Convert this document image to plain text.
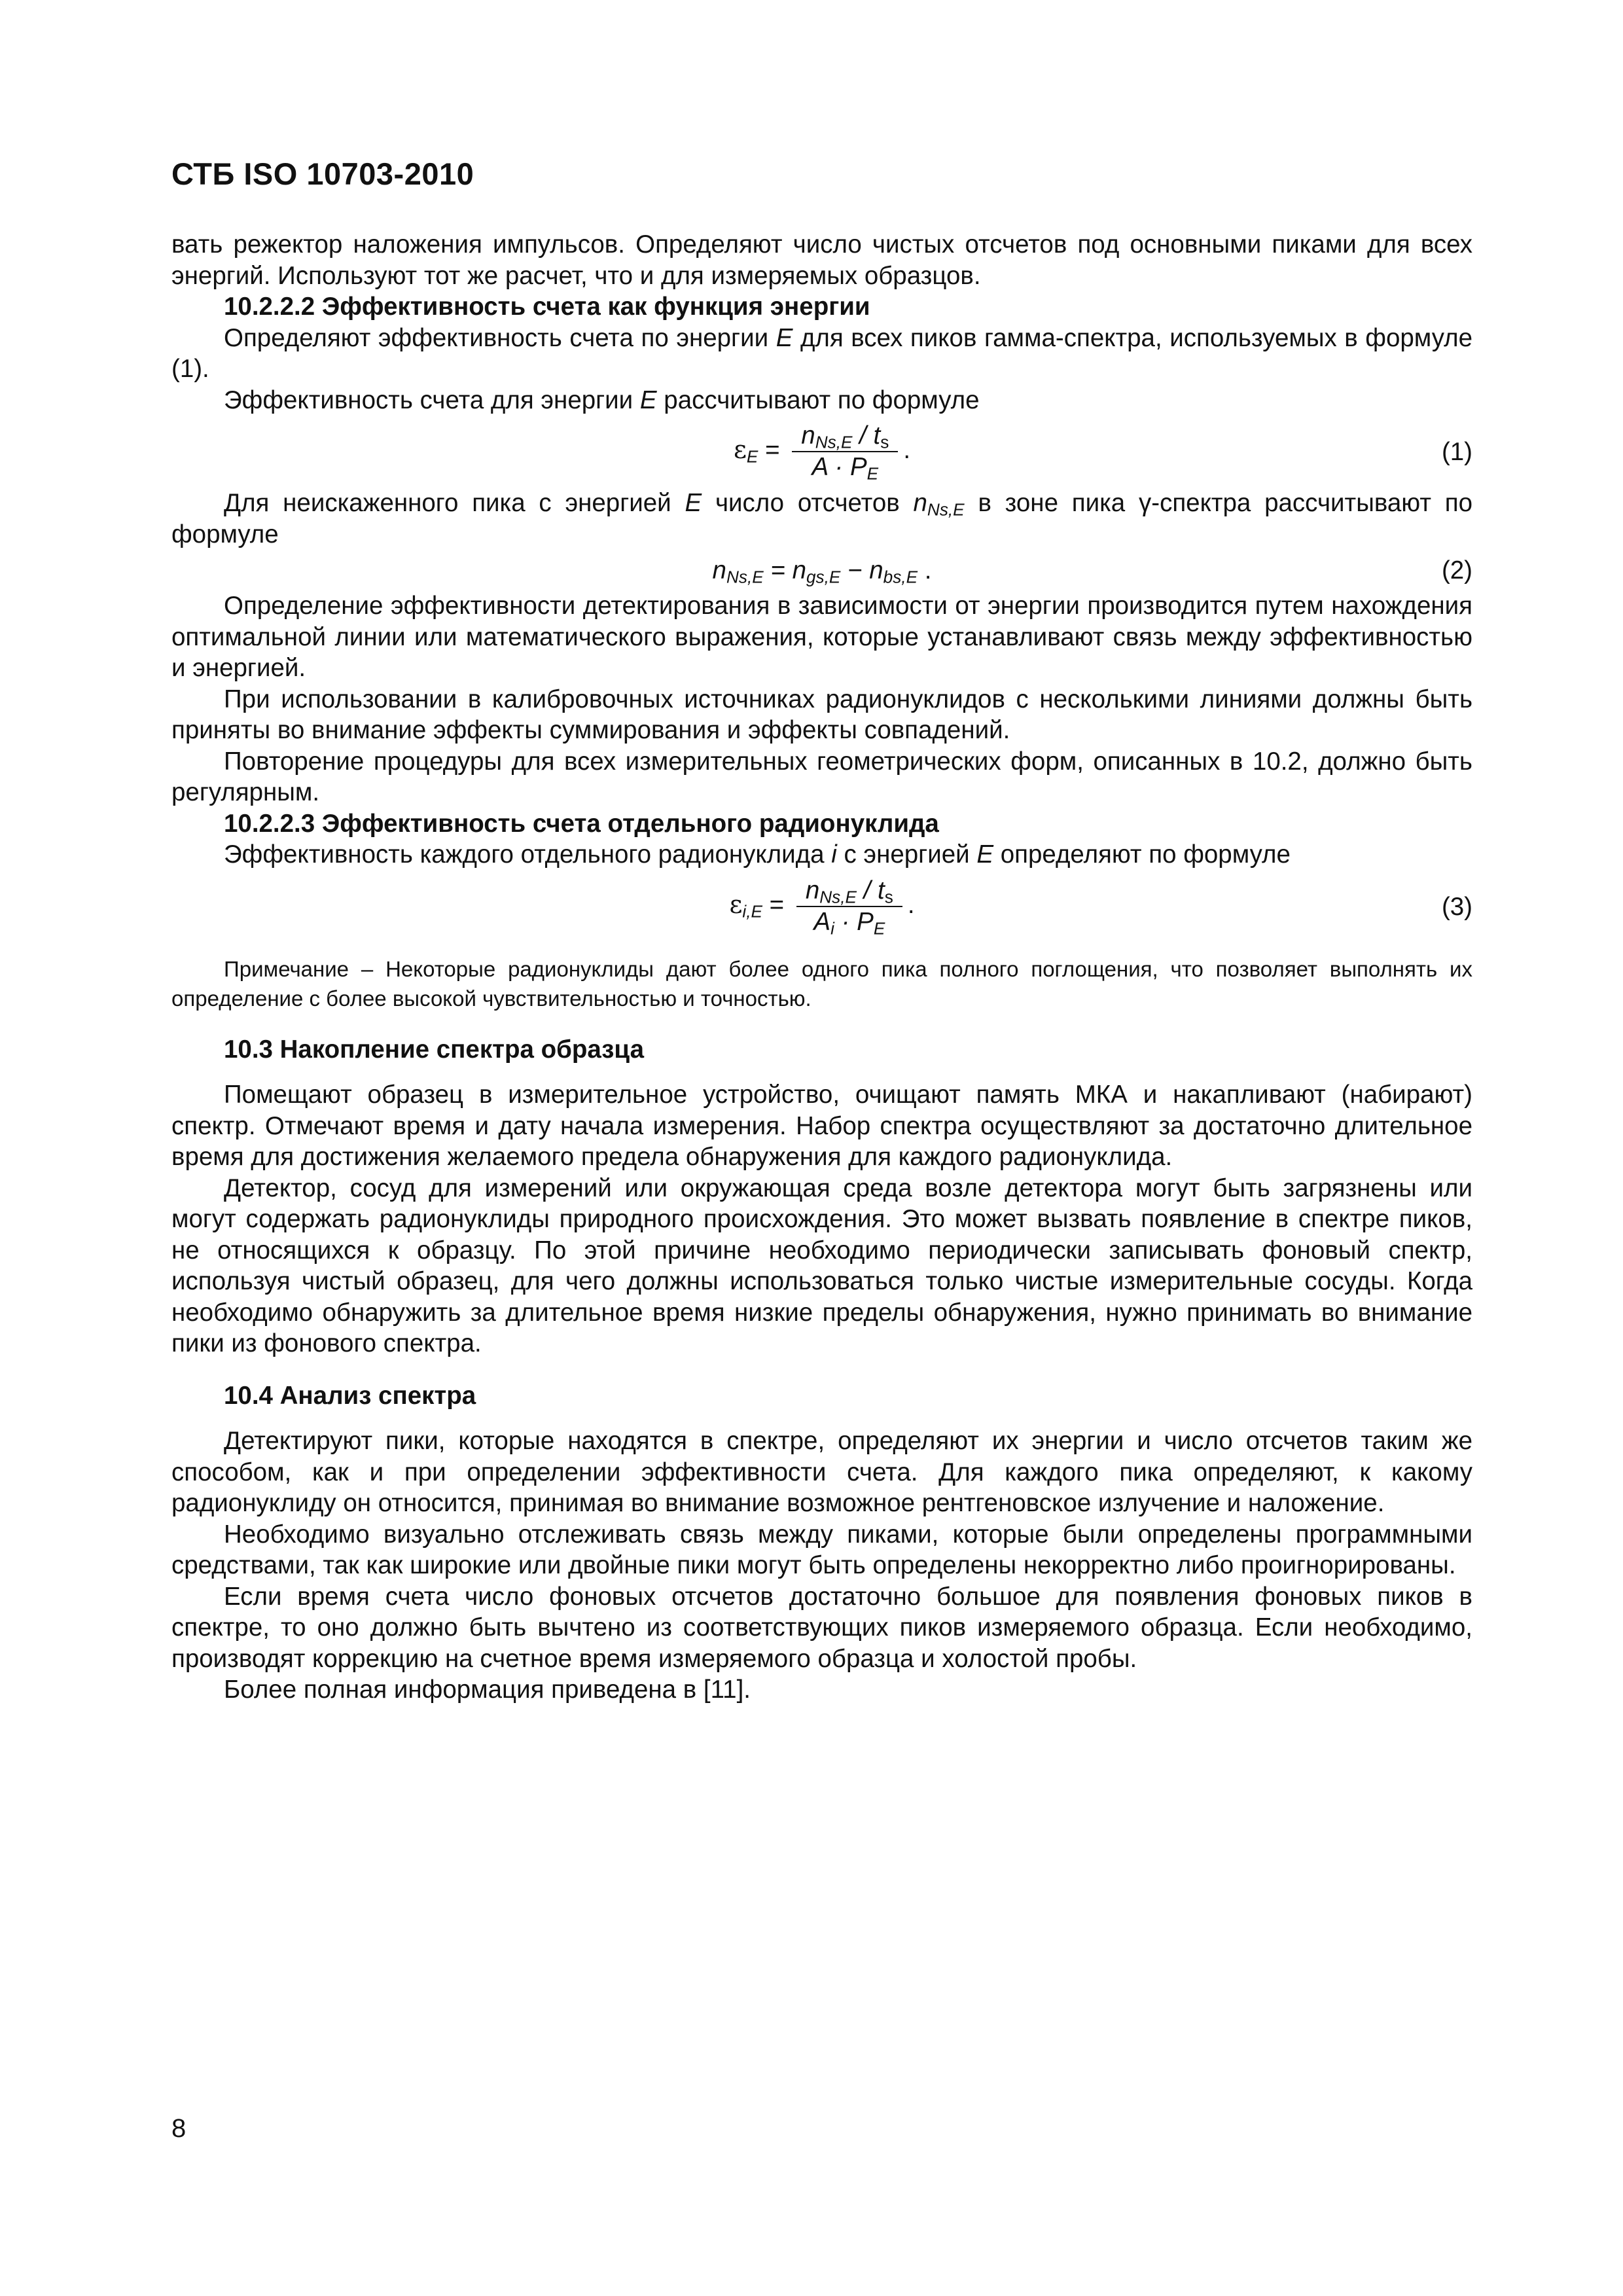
СТБ ISO 10703-2010

вать режектор наложения импульсов. Определяют число чистых отсчетов под основными пиками для всех энергий. Используют тот же расчет, что и для измеряемых образцов.

10.2.2.2 Эффективность счета как функция энергии

Определяют эффективность счета по энергии E для всех пиков гамма-спектра, используемых в формуле (1).

Эффективность счета для энергии E рассчитывают по формуле

$\varepsilon_E = \frac{n_{Ns,E} / t_s}{A \cdot P_E}$ .	(1)

Для неискаженного пика с энергией E число отсчетов $n_{Ns,E}$ в зоне пика γ-спектра рассчитывают по формуле

$n_{Ns,E} = n_{gs,E} - n_{bs,E}$ .	(2)

Определение эффективности детектирования в зависимости от энергии производится путем нахождения оптимальной линии или математического выражения, которые устанавливают связь между эффективностью и энергией.

При использовании в калибровочных источниках радионуклидов с несколькими линиями должны быть приняты во внимание эффекты суммирования и эффекты совпадений.

Повторение процедуры для всех измерительных геометрических форм, описанных в 10.2, должно быть регулярным.

10.2.2.3 Эффективность счета отдельного радионуклида

Эффективность каждого отдельного радионуклида i с энергией E определяют по формуле

$\varepsilon_{i,E} = \frac{n_{Ns,E} / t_s}{A_i \cdot P_E}$ .	(3)

Примечание – Некоторые радионуклиды дают более одного пика полного поглощения, что позволяет выполнять их определение с более высокой чувствительностью и точностью.

10.3 Накопление спектра образца

Помещают образец в измерительное устройство, очищают память МКА и накапливают (набирают) спектр. Отмечают время и дату начала измерения. Набор спектра осуществляют за достаточно длительное время для достижения желаемого предела обнаружения для каждого радионуклида.

Детектор, сосуд для измерений или окружающая среда возле детектора могут быть загрязнены или могут содержать радионуклиды природного происхождения. Это может вызвать появление в спектре пиков, не относящихся к образцу. По этой причине необходимо периодически записывать фоновый спектр, используя чистый образец, для чего должны использоваться только чистые измерительные сосуды. Когда необходимо обнаружить за длительное время низкие пределы обнаружения, нужно принимать во внимание пики из фонового спектра.

10.4 Анализ спектра

Детектируют пики, которые находятся в спектре, определяют их энергии и число отсчетов таким же способом, как и при определении эффективности счета. Для каждого пика определяют, к какому радионуклиду он относится, принимая во внимание возможное рентгеновское излучение и наложение.

Необходимо визуально отслеживать связь между пиками, которые были определены программными средствами, так как широкие или двойные пики могут быть определены некорректно либо проигнорированы.

Если время счета число фоновых отсчетов достаточно большое для появления фоновых пиков в спектре, то оно должно быть вычтено из соответствующих пиков измеряемого образца. Если необходимо, производят коррекцию на счетное время измеряемого образца и холостой пробы.

Более полная информация приведена в [11].

8
